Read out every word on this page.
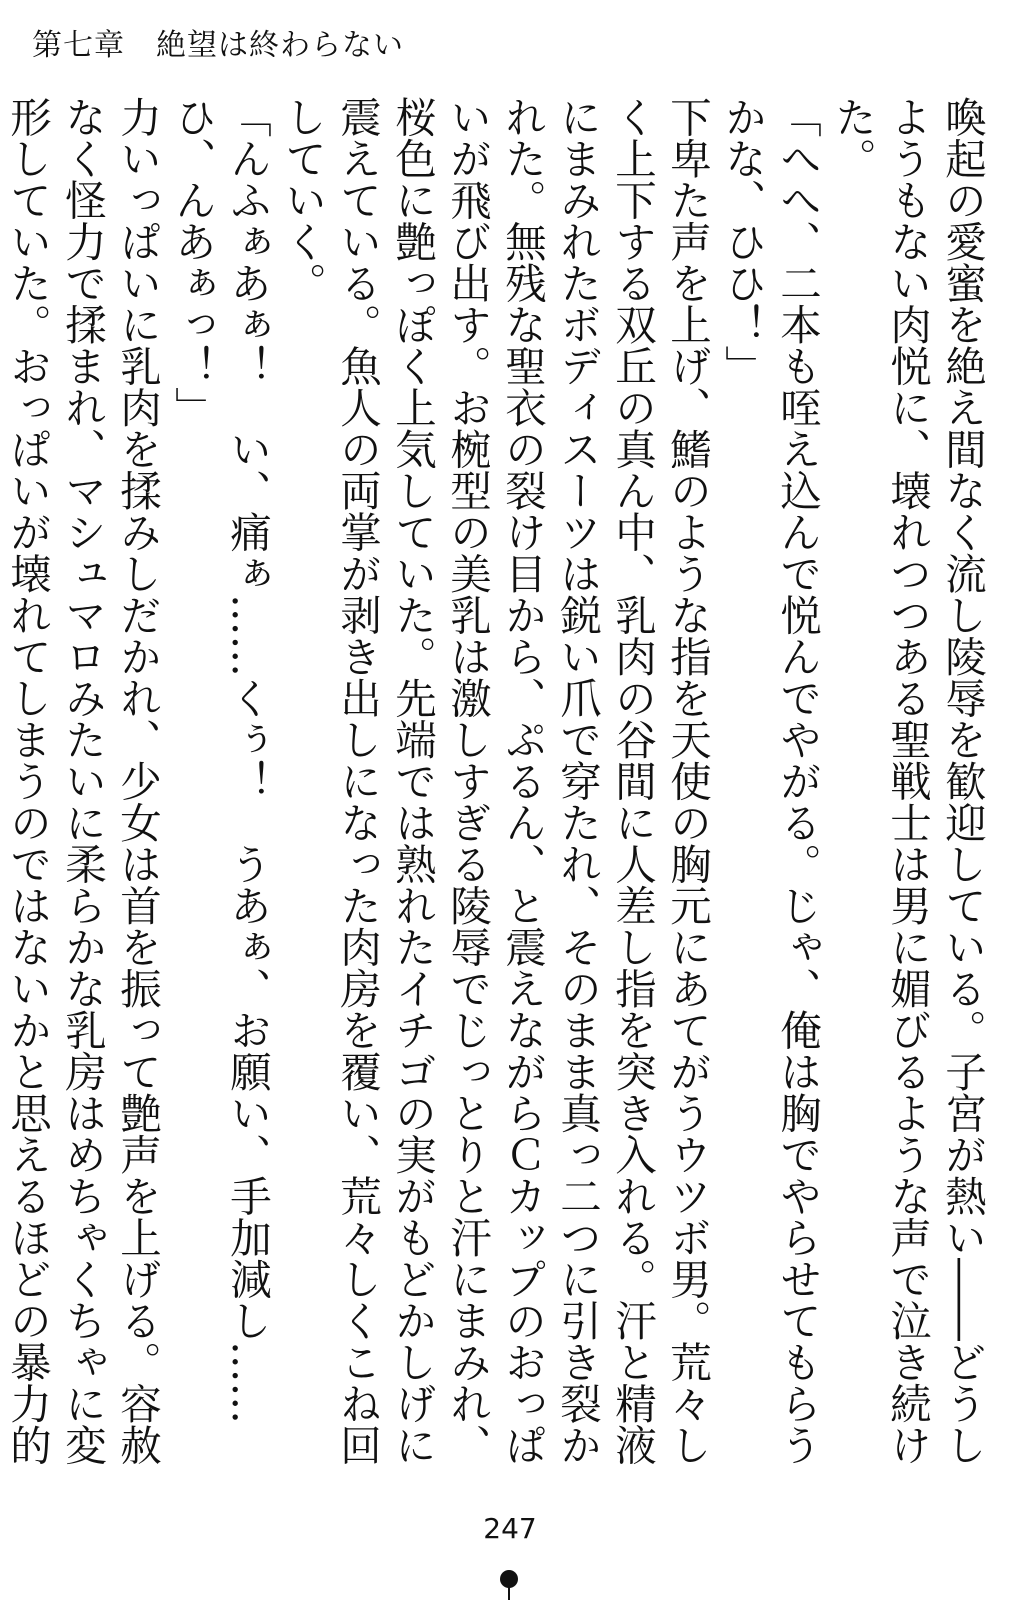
第七章　 絶望は終わらない

喚起の愛蜜を絶え間なく流し陵辱を歓迎している。子宮が熱い――どうしようもない肉悦に、壊れつつある聖戦士は男に媚びるような声で泣き続けた。

「へへ、二本も咥え込んで悦んでやがる。じゃ、俺は胸でやらせてもらうかな、ひひ！」

下卑た声を上げ、鰭のような指を天使の胸元にあてがうウツボ男。荒々しく上下する双丘の真ん中、乳肉の谷間に人差し指を突き入れる。汗と精液にまみれたボディスーツは鋭い爪で穿たれ、そのまま真っ二つに引き裂かれた。無残な聖衣の裂け目から、ぷるん、と震えながらＣカップのおっぱいが飛び出す。お椀型の美乳は激しすぎる陵辱でじっとりと汗にまみれ、桜色に艶っぽく上気していた。先端では熟れたイチゴの実がもどかしげに震えている。魚人の両掌が剥き出しになった肉房を覆い、荒々しくこね回していく。

「んふぁあぁ！　い、痛ぁ……くぅ！　うあぁ、お願い、手加減し……ひ、んあぁっ！」

力いっぱいに乳肉を揉みしだかれ、少女は首を振って艶声を上げる。容赦なく怪力で揉まれ、マシュマロみたいに柔らかな乳房はめちゃくちゃに変形していた。おっぱいが壊れてしまうのではないかと思えるほどの暴力的

247
